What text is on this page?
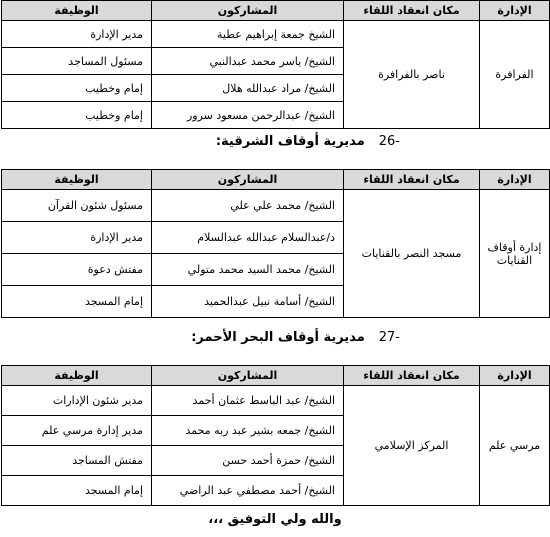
الإدارة	مكان انعقاد اللقاء	المشاركون	الوظيفة
الفرافرة	ناصر بالفرافرة	الشيخ جمعة إبراهيم عطية	مدير الإدارة
		الشيخ/ ياسر محمد عبدالنبي	مسئول المساجد
		الشيخ/ مراد عبدالله هلال	إمام وخطيب
		الشيخ/ عبدالرحمن مسعود سرور	إمام وخطيب
-26مديرية أوقاف الشرقية:
الإدارة	مكان انعقاد اللقاء	المشاركون	الوظيفة
إدارة أوقاف القنايات	مسجد النصر بالقنايات	الشيخ/ محمد علي علي	مسئول شئون القرآن
		د/عبدالسلام عبدالله عبدالسلام	مدير الإدارة
		الشيخ/ محمد السيد محمد متولي	مفتش دعوة
		الشيخ/ أسامة نبيل عبدالحميد	إمام المسجد
-27مديرية أوقاف البحر الأحمر:
الإدارة	مكان انعقاد اللقاء	المشاركون	الوظيفة
مرسي علم	المركز الإسلامي	الشيخ/ عبد الباسط عثمان أحمد	مدير شئون الإدارات
		الشيخ/ جمعه بشير عبد ربه محمد	مدير إدارة مرسي علم
		الشيخ/ حمزة أحمد حسن	مفتش المساجد
		الشيخ/ أحمد مصطفي عبد الراضي	إمام المسجد
والله ولي التوفيق ،،،
